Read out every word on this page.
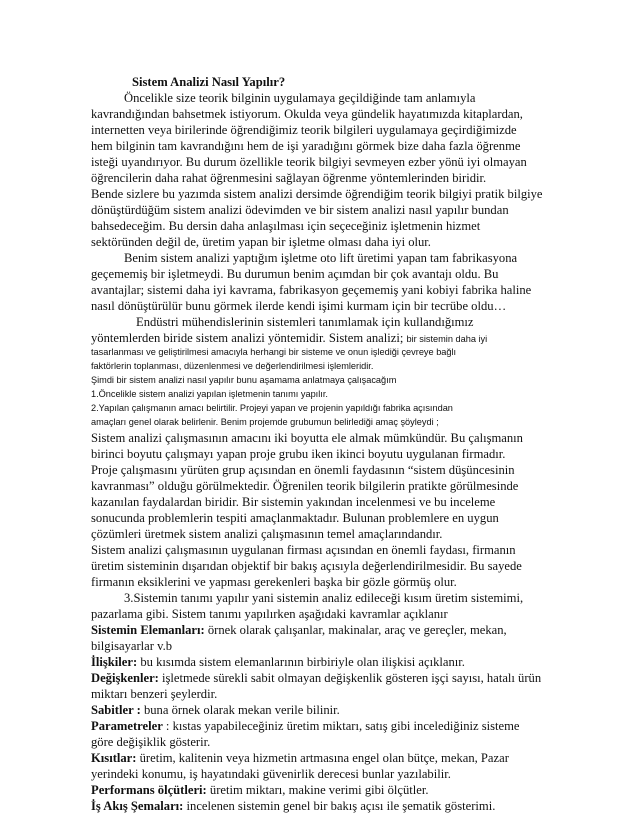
Sistem Analizi Nasıl Yapılır?
Öncelikle size teorik bilginin uygulamaya geçildiğinde tam anlamıyla
kavrandığından bahsetmek istiyorum. Okulda veya gündelik hayatımızda kitaplardan,
internetten veya birilerinde öğrendiğimiz teorik bilgileri uygulamaya geçirdiğimizde
hem bilginin tam kavrandığını hem de işi yaradığını görmek bize daha fazla öğrenme
isteği uyandırıyor. Bu durum özellikle teorik bilgiyi sevmeyen ezber yönü iyi olmayan
öğrencilerin daha rahat öğrenmesini sağlayan öğrenme yöntemlerinden biridir.
Bende sizlere bu yazımda sistem analizi dersimde öğrendiğim teorik bilgiyi pratik bilgiye
dönüştürdüğüm sistem analizi ödevimden ve bir sistem analizi nasıl yapılır bundan
bahsedeceğim. Bu dersin daha anlaşılması için seçeceğiniz işletmenin hizmet
sektöründen değil de, üretim yapan bir işletme olması daha iyi olur.
Benim sistem analizi yaptığım işletme oto lift üretimi yapan tam fabrikasyona
geçememiş bir işletmeydi. Bu durumun benim açımdan bir çok avantajı oldu. Bu
avantajlar; sistemi daha iyi kavrama, fabrikasyon geçememiş yani kobiyi fabrika haline
nasıl dönüştürülür bunu görmek ilerde kendi işimi kurmam için bir tecrübe oldu…
Endüstri mühendislerinin sistemleri tanımlamak için kullandığımız
yöntemlerden biride sistem analizi yöntemidir. Sistem analizi; bir sistemin daha iyi
tasarlanması ve geliştirilmesi amacıyla herhangi bir sisteme ve onun işlediği çevreye bağlı
faktörlerin toplanması, düzenlenmesi ve değerlendirilmesi işlemleridir.
Şimdi bir sistem analizi nasıl yapılır bunu aşamama anlatmaya çalışacağım
1.Öncelikle sistem analizi yapılan işletmenin tanımı yapılır.
2.Yapılan çalışmanın amacı belirtilir. Projeyi yapan ve projenin yapıldığı fabrika açısından
amaçları genel olarak belirlenir. Benim projemde grubumun belirlediği amaç şöyleydi ;
Sistem analizi çalışmasının amacını iki boyutta ele almak mümkündür. Bu çalışmanın
birinci boyutu çalışmayı yapan proje grubu iken ikinci boyutu uygulanan firmadır.
Proje çalışmasını yürüten grup açısından en önemli faydasının “sistem düşüncesinin
kavranması” olduğu görülmektedir. Öğrenilen teorik bilgilerin pratikte görülmesinde
kazanılan faydalardan biridir. Bir sistemin yakından incelenmesi ve bu inceleme
sonucunda problemlerin tespiti amaçlanmaktadır. Bulunan problemlere en uygun
çözümleri üretmek sistem analizi çalışmasının temel amaçlarındandır.
Sistem analizi çalışmasının uygulanan firması açısından en önemli faydası, firmanın
üretim sisteminin dışarıdan objektif bir bakış açısıyla değerlendirilmesidir. Bu sayede
firmanın eksiklerini ve yapması gerekenleri başka bir gözle görmüş olur.
3.Sistemin tanımı yapılır yani sistemin analiz edileceği kısım üretim sistemimi,
pazarlama gibi. Sistem tanımı yapılırken aşağıdaki kavramlar açıklanır
Sistemin Elemanları: örnek olarak çalışanlar, makinalar, araç ve gereçler, mekan,
bilgisayarlar v.b
İlişkiler: bu kısımda sistem elemanlarının birbiriyle olan ilişkisi açıklanır.
Değişkenler: işletmede sürekli sabit olmayan değişkenlik gösteren işçi sayısı, hatalı ürün
miktarı benzeri şeylerdir.
Sabitler : buna örnek olarak mekan verile bilinir.
Parametreler : kıstas yapabileceğiniz üretim miktarı, satış gibi incelediğiniz sisteme
göre değişiklik gösterir.
Kısıtlar: üretim, kalitenin veya hizmetin artmasına engel olan bütçe, mekan, Pazar
yerindeki konumu, iş hayatındaki güvenirlik derecesi bunlar yazılabilir.
Performans ölçütleri: üretim miktarı, makine verimi gibi ölçütler.
İş Akış Şemaları: incelenen sistemin genel bir bakış açısı ile şematik gösterimi.
